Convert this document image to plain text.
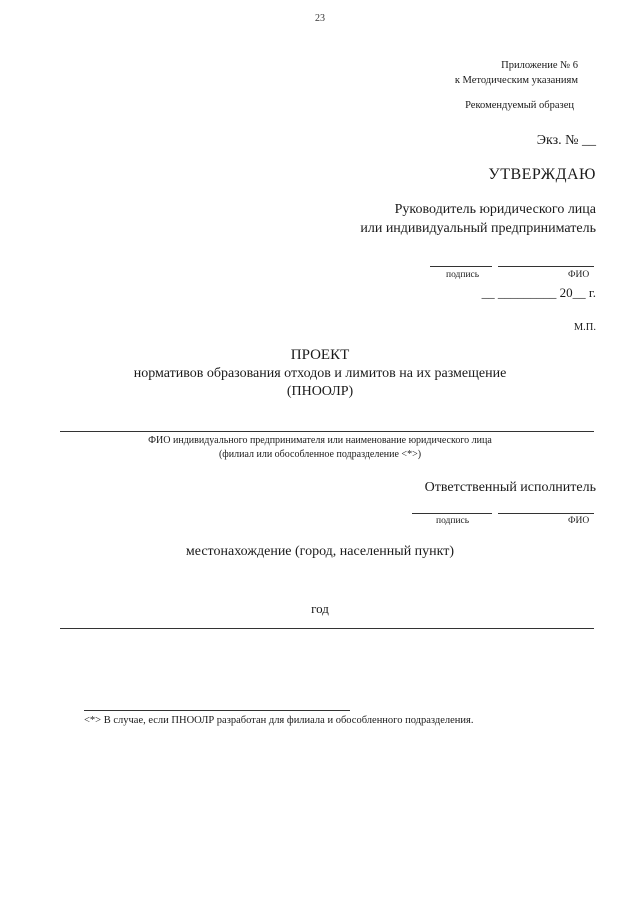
23
Приложение № 6
к Методическим указаниям
Рекомендуемый образец
Экз. № __
УТВЕРЖДАЮ
Руководитель юридического лица
или индивидуальный предприниматель
подпись	ФИО
__ _________ 20__ г.
М.П.
ПРОЕКТ
нормативов образования отходов и лимитов на их размещение
(ПНООЛР)
ФИО индивидуального предпринимателя или наименование юридического лица
(филиал или обособленное подразделение <*>)
Ответственный исполнитель
подпись	ФИО
местонахождение (город, населенный пункт)
год
<*> В случае, если ПНООЛР разработан для филиала и обособленного подразделения.
